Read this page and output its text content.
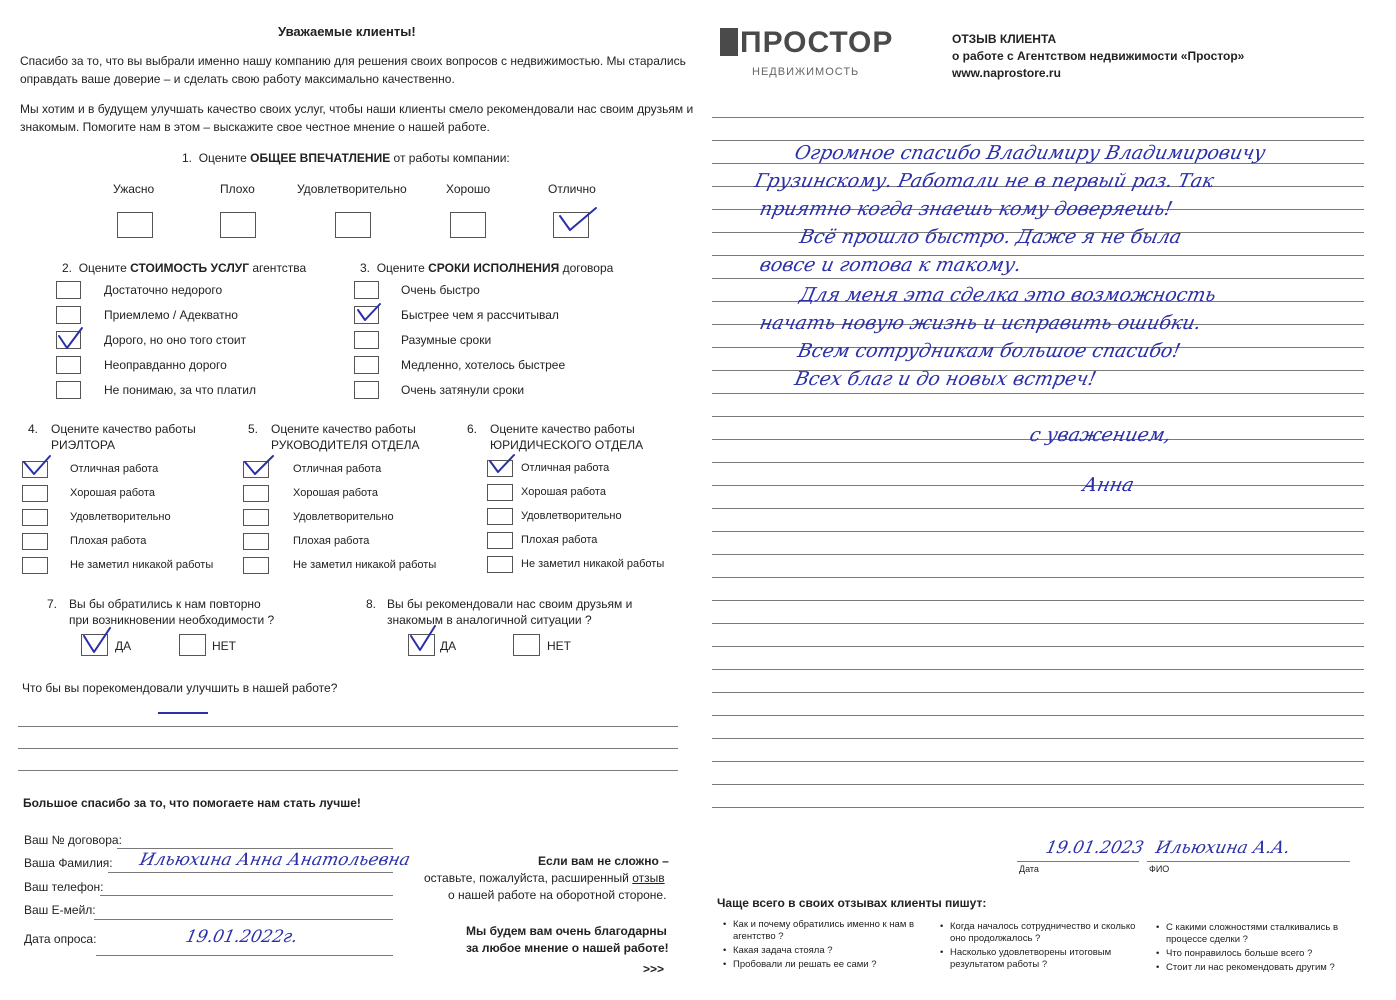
Уважаемые клиенты!
Спасибо за то, что вы выбрали именно нашу компанию для решения своих вопросов с недвижимостью. Мы старались
оправдать ваше доверие – и сделать свою работу максимально качественно.
Мы хотим и в будущем улучшать качество своих услуг, чтобы наши клиенты смело рекомендовали нас своим друзьям и
знакомым. Помогите нам в этом – выскажите свое честное мнение о нашей работе.
1. Оцените ОБЩЕЕ ВПЕЧАТЛЕНИЕ от работы компании:
Ужасно	Плохо	Удовлетворительно	Хорошо	Отлично
2. Оцените СТОИМОСТЬ УСЛУГ агентства
Достаточно недорого
Приемлемо / Адекватно
Дорого, но оно того стоит
Неоправданно дорого
Не понимаю, за что платил
3. Оцените СРОКИ ИСПОЛНЕНИЯ договора
Очень быстро
Быстрее чем я рассчитывал
Разумные сроки
Медленно, хотелось быстрее
Очень затянули сроки
4. Оцените качество работы
РИЭЛТОРА
Отличная работа
Хорошая работа
Удовлетворительно
Плохая работа
Не заметил никакой работы
5. Оцените качество работы
РУКОВОДИТЕЛЯ ОТДЕЛА
Отличная работа
Хорошая работа
Удовлетворительно
Плохая работа
Не заметил никакой работы
6. Оцените качество работы
ЮРИДИЧЕСКОГО ОТДЕЛА
Отличная работа
Хорошая работа
Удовлетворительно
Плохая работа
Не заметил никакой работы
7. Вы бы обратились к нам повторно
при возникновении необходимости ?
ДА	НЕТ
8. Вы бы рекомендовали нас своим друзьям и
знакомым в аналогичной ситуации ?
ДА	НЕТ
Что бы вы порекомендовали улучшить в нашей работе?
Большое спасибо за то, что помогаете нам стать лучше!
Ваш № договора:
Ваша Фамилия: Ильюхина Анна Анатольевна
Ваш телефон:
Ваш Е-мейл:
Дата опроса:	19.01.2022г.
Если вам не сложно –
оставьте, пожалуйста, расширенный отзыв
о нашей работе на оборотной стороне.
Мы будем вам очень благодарны
за любое мнение о нашей работе!
>>>
ПРОСТОР
НЕДВИЖИМОСТЬ
ОТЗЫВ КЛИЕНТА
о работе с Агентством недвижимости «Простор»
www.naprostore.ru
Огромное спасибо Владимиру Владимировичу
Грузинскому. Работали не в первый раз. Так
приятно когда знаешь кому доверяешь!
Всё прошло быстро. Даже я не была
вовсе и готова к такому.
Для меня эта сделка это возможность
начать новую жизнь и исправить ошибки.
Всем сотрудникам большое спасибо!
Всех благ и до новых встреч!
с уважением,
Анна
19.01.2023 Ильюхина А.А.
Дата	ФИО
Чаще всего в своих отзывах клиенты пишут:
• Как и почему обратились именно к нам в
агентство ?
• Какая задача стояла ?
• Пробовали ли решать ее сами ?
• Когда началось сотрудничество и сколько
оно продолжалось ?
• Насколько удовлетворены итоговым
результатом работы ?
• С какими сложностями сталкивались в
процессе сделки ?
• Что понравилось больше всего ?
• Стоит ли нас рекомендовать другим ?
